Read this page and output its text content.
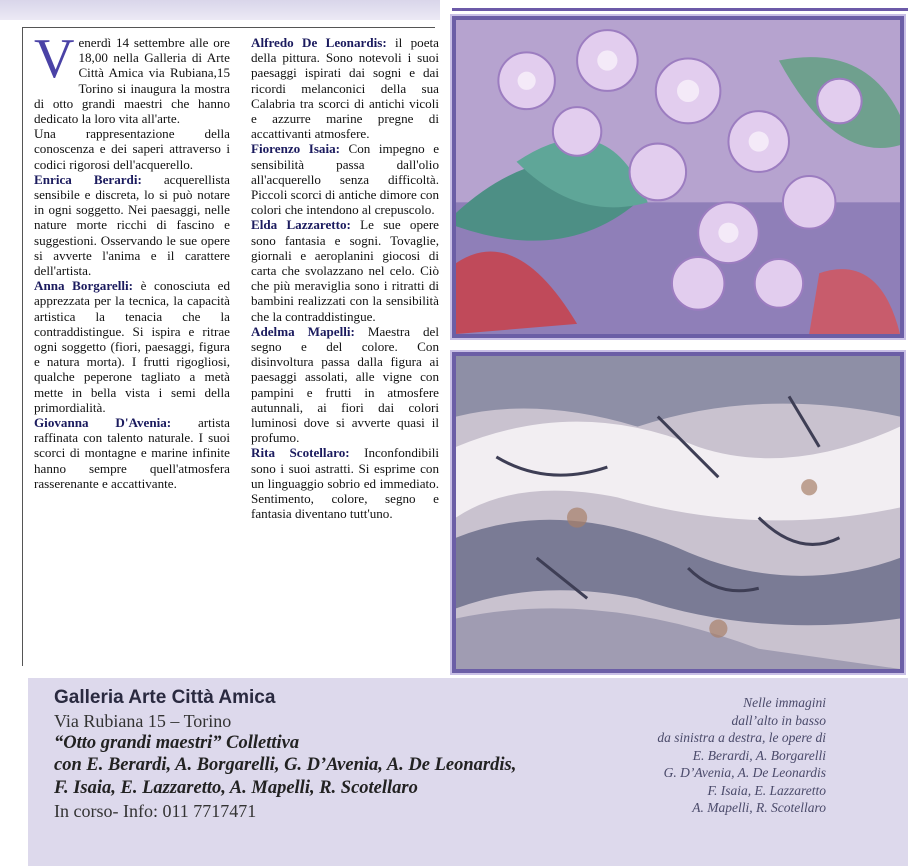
Venerdì 14 settembre alle ore 18,00 nella Galleria di Arte Città Amica via Rubiana,15 Torino si inaugura la mostra di otto grandi maestri che hanno dedicato la loro vita all'arte.

Una rappresentazione della conoscenza e dei saperi attraverso i codici rigorosi dell'acquerello.

Enrica Berardi: acquerellista sensibile e discreta, lo si può notare in ogni soggetto. Nei paesaggi, nelle nature morte ricchi di fascino e suggestioni. Osservando le sue opere si avverte l'anima e il carattere dell'artista.

Anna Borgarelli: è conosciuta ed apprezzata per la tecnica, la capacità artistica la tenacia che la contraddistingue. Si ispira e ritrae ogni soggetto (fiori, paesaggi, figura e natura morta). I frutti rigogliosi, qualche peperone tagliato a metà mette in bella vista i semi della primordialità.

Giovanna D'Avenia: artista raffinata con talento naturale. I suoi scorci di montagne e marine infinite hanno sempre quell'atmosfera rasserenante e accattivante.

Alfredo De Leonardis: il poeta della pittura. Sono notevoli i suoi paesaggi ispirati dai sogni e dai ricordi melanconici della sua Calabria tra scorci di antichi vicoli e azzurre marine pregne di accattivanti atmosfere.

Fiorenzo Isaia: Con impegno e sensibilità passa dall'olio all'acquerello senza difficoltà. Piccoli scorci di antiche dimore con colori che intendono al crepuscolo.

Elda Lazzaretto: Le sue opere sono fantasia e sogni. Tovaglie, giornali e aeroplanini giocosi di carta che svolazzano nel celo. Ciò che più meraviglia sono i ritratti di bambini realizzati con la sensibilità che la contraddistingue.

Adelma Mapelli: Maestra del segno e del colore. Con disinvoltura passa dalla figura ai paesaggi assolati, alle vigne con pampini e frutti in atmosfere autunnali, ai fiori dai colori luminosi dove si avverte quasi il profumo.

Rita Scotellaro: Inconfondibili sono i suoi astratti. Si esprime con un linguaggio sobrio ed immediato. Sentimento, colore, segno e fantasia diventano tutt'uno.

Galleria Arte Città Amica
Via Rubiana 15 – Torino
“Otto grandi maestri” Collettiva
con E. Berardi, A. Borgarelli, G. D’Avenia, A. De Leonardis,
F. Isaia, E. Lazzaretto, A. Mapelli, R. Scotellaro
In corso- Info: 011 7717471
Nelle immagini
dall’alto in basso
da sinistra a destra, le opere di
E. Berardi, A. Borgarelli
G. D’Avenia, A. De Leonardis
F. Isaia, E. Lazzaretto
A. Mapelli, R. Scotellaro
